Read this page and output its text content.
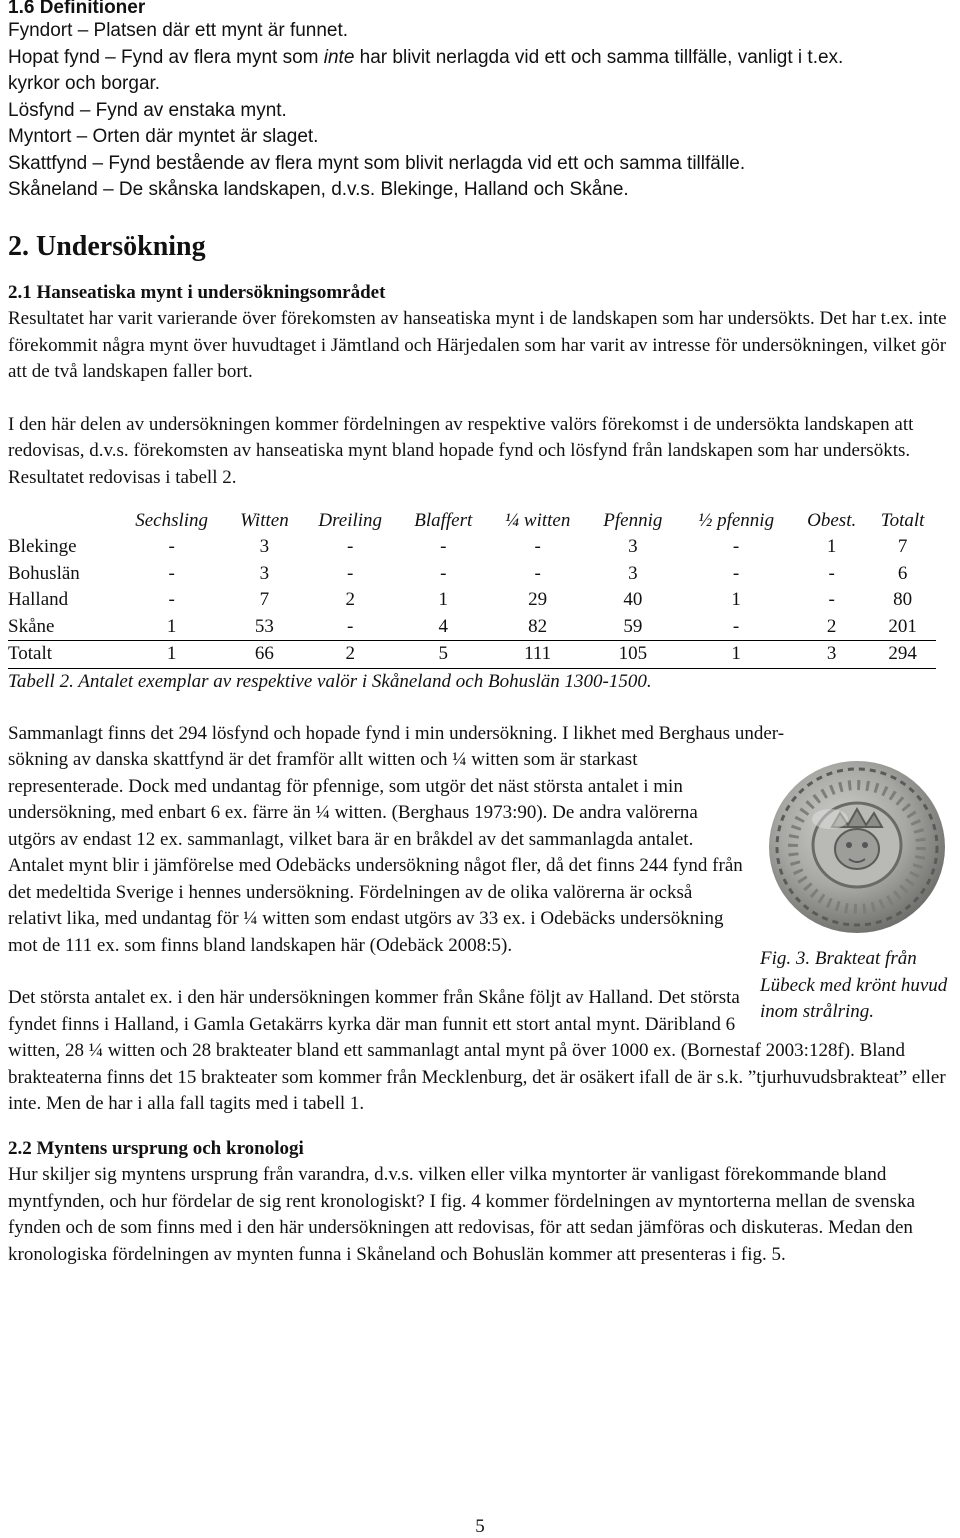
1.6 Definitioner
Fyndort – Platsen där ett mynt är funnet.
Hopat fynd – Fynd av flera mynt som inte har blivit nerlagda vid ett och samma tillfälle, vanligt i t.ex.
kyrkor och borgar.
Lösfynd – Fynd av enstaka mynt.
Myntort – Orten där myntet är slaget.
Skattfynd – Fynd bestående av flera mynt som blivit nerlagda vid ett och samma tillfälle.
Skåneland – De skånska landskapen, d.v.s. Blekinge, Halland och Skåne.
2. Undersökning
2.1 Hanseatiska mynt i undersökningsområdet

Resultatet har varit varierande över förekomsten av hanseatiska mynt i de landskapen som har undersökts. Det har t.ex. inte förekommit några mynt över huvudtaget i Jämtland och Härjedalen som har varit av intresse för undersökningen, vilket gör att de två landskapen faller bort.

I den här delen av undersökningen kommer fördelningen av respektive valörs förekomst i de undersökta landskapen att redovisas, d.v.s. förekomsten av hanseatiska mynt bland hopade fynd och lösfynd från landskapen som har undersökts. Resultatet redovisas i tabell 2.

	Sechsling	Witten	Dreiling	Blaffert	¼ witten	Pfennig	½ pfennig	Obest.	Totalt
Blekinge	-	3	-	-	-	3	-	1	7
Bohuslän	-	3	-	-	-	3	-	-	6
Halland	-	7	2	1	29	40	1	-	80
Skåne	1	53	-	4	82	59	-	2	201
Totalt	1	66	2	5	111	105	1	3	294
Tabell 2. Antalet exemplar av respektive valör i Skåneland och Bohuslän 1300-1500.

Sammanlagt finns det 294 lösfynd och hopade fynd i min undersökning. I likhet med Berghaus under-

Fig. 3. Brakteat från Lübeck med krönt huvud inom strålring.

sökning av danska skattfynd är det framför allt witten och ¼ witten som är starkast representerade. Dock med undantag för pfennige, som utgör det näst största antalet i min undersökning, med enbart 6 ex. färre än ¼ witten. (Berghaus 1973:90). De andra valörerna utgörs av endast 12 ex. sammanlagt, vilket bara är en bråkdel av det sammanlagda antalet. Antalet mynt blir i jämförelse med Odebäcks undersökning något fler, då det finns 244 fynd från det medeltida Sverige i hennes undersökning. Fördelningen av de olika valörerna är också relativt lika, med undantag för ¼ witten som endast utgörs av 33 ex. i Odebäcks undersökning mot de 111 ex. som finns bland landskapen här (Odebäck 2008:5).

Det största antalet ex. i den här undersökningen kommer från Skåne följt av Halland. Det största fyndet finns i Halland, i Gamla Getakärrs kyrka där man funnit ett stort antal mynt. Däribland 6 witten, 28 ¼ witten och 28 brakteater bland ett sammanlagt antal mynt på över 1000 ex. (Bornestaf 2003:128f). Bland brakteaterna finns det 15 brakteater som kommer från Mecklenburg, det är osäkert ifall de är s.k. ”tjurhuvudsbrakteat” eller inte. Men de har i alla fall tagits med i tabell 1.

2.2 Myntens ursprung och kronologi

Hur skiljer sig myntens ursprung från varandra, d.v.s. vilken eller vilka myntorter är vanligast förekommande bland myntfynden, och hur fördelar de sig rent kronologiskt? I fig. 4 kommer fördelningen av myntorterna mellan de svenska fynden och de som finns med i den här undersökningen att redovisas, för att sedan jämföras och diskuteras. Medan den kronologiska fördelningen av mynten funna i Skåneland och Bohuslän kommer att presenteras i fig. 5.

5
